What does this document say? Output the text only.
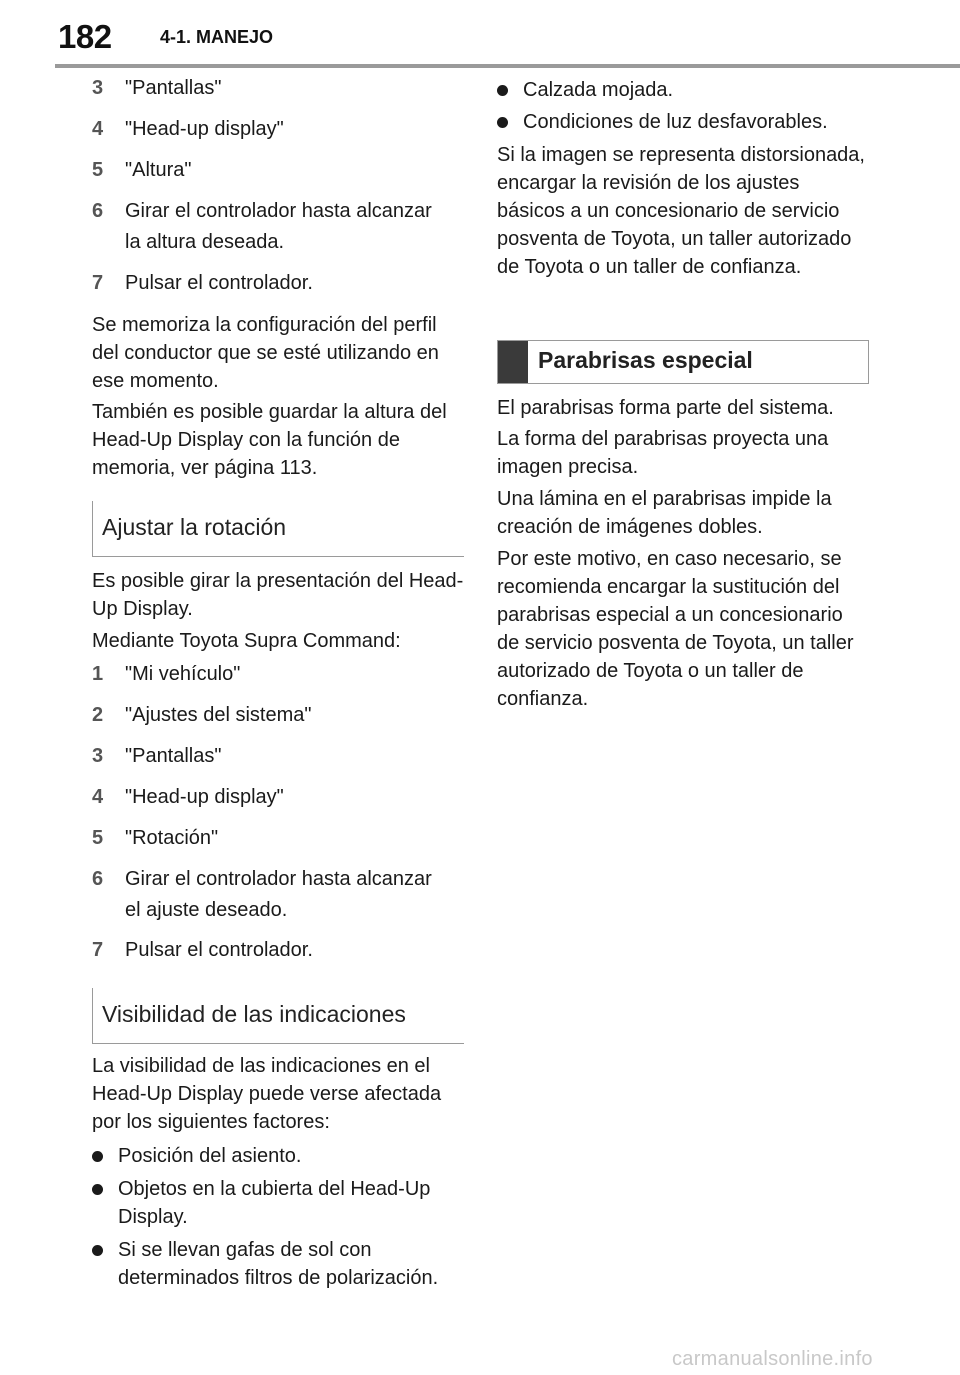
182	4-1. MANEJO
3	"Pantallas"
4	"Head-up display"
5	"Altura"
6	Girar el controlador hasta alcanzar
la altura deseada.
7	Pulsar el controlador.

Se memoriza la configuración del perfil del conductor que se esté utilizando en ese momento.

También es posible guardar la altura del Head-Up Display con la función de memoria, ver página 113.

Ajustar la rotación

Es posible girar la presentación del Head-Up Display.

Mediante Toyota Supra Command:

1	"Mi vehículo"
2	"Ajustes del sistema"
3	"Pantallas"
4	"Head-up display"
5	"Rotación"
6	Girar el controlador hasta alcanzar
el ajuste deseado.
7	Pulsar el controlador.
Visibilidad de las indicaciones

La visibilidad de las indicaciones en el Head-Up Display puede verse afectada por los siguientes factores:

Posición del asiento.
Objetos en la cubierta del Head-Up Display.
Si se llevan gafas de sol con determinados filtros de polarización.
Calzada mojada.
Condiciones de luz desfavorables.

Si la imagen se representa distorsionada, encargar la revisión de los ajustes básicos a un concesionario de servicio posventa de Toyota, un taller autorizado de Toyota o un taller de confianza.

Parabrisas especial

El parabrisas forma parte del sistema.

La forma del parabrisas proyecta una imagen precisa.

Una lámina en el parabrisas impide la creación de imágenes dobles.

Por este motivo, en caso necesario, se recomienda encargar la sustitución del parabrisas especial a un concesionario de servicio posventa de Toyota, un taller autorizado de Toyota o un taller de confianza.

carmanualsonline.info
